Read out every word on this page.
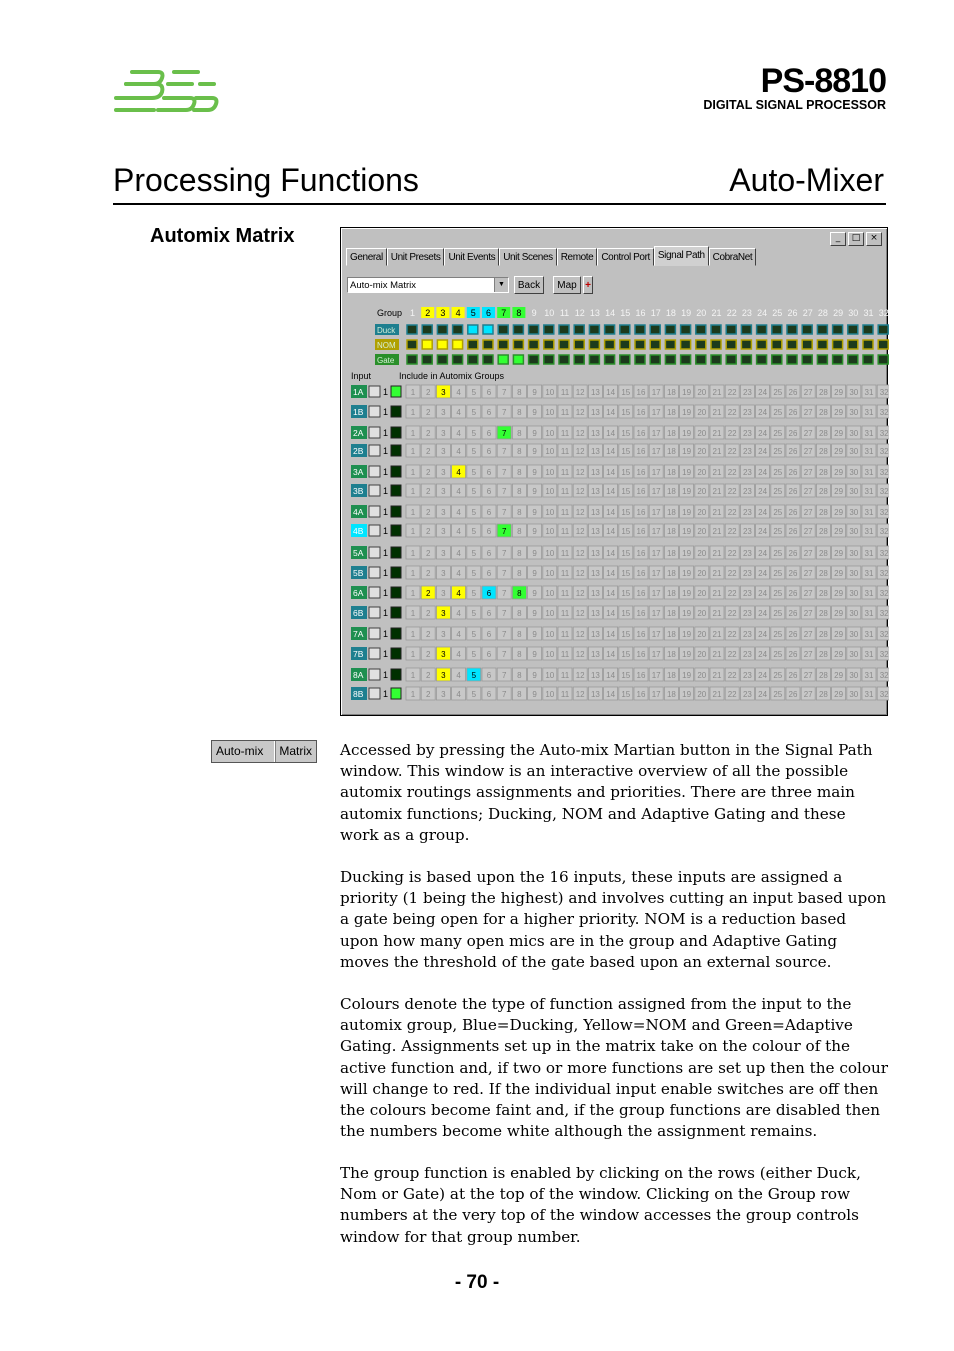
PS-8810
DIGITAL SIGNAL PROCESSOR
Processing Functions	Auto-Mixer
Automix Matrix	_	□	×
General Unit Presets Unit Events Unit Scenes Remote Control Port Signal Path CobraNet
Auto-mix Matrix	▼	Back	Map +
Group 1 2 3 4 5 6 7 8 9 10 11 12 13 14 15 16 17 18 19 20 21 22 23 24 25 26 27 28 29 30 31 32
Duck
NOM
Gate
Input	Include in Automix Groups
1A 1	1 2 3 4 5 6 7 8 9 10 11 12 13 14 15 16 17 18 19 20 21 22 23 24 25 26 27 28 29 30 31 32
1B 1	1 2 3 4 5 6 7 8 9 10 11 12 13 14 15 16 17 18 19 20 21 22 23 24 25 26 27 28 29 30 31 32
2A 1	1 2 3 4 5 6 7 8 9 10 11 12 13 14 15 16 17 18 19 20 21 22 23 24 25 26 27 28 29 30 31 32
2B 1	1 2 3 4 5 6 7 8 9 10 11 12 13 14 15 16 17 18 19 20 21 22 23 24 25 26 27 28 29 30 31 32
3A 1	1 2 3 4 5 6 7 8 9 10 11 12 13 14 15 16 17 18 19 20 21 22 23 24 25 26 27 28 29 30 31 32
3B 1	1 2 3 4 5 6 7 8 9 10 11 12 13 14 15 16 17 18 19 20 21 22 23 24 25 26 27 28 29 30 31 32
4A 1	1 2 3 4 5 6 7 8 9 10 11 12 13 14 15 16 17 18 19 20 21 22 23 24 25 26 27 28 29 30 31 32
4B 1	1 2 3 4 5 6 7 8 9 10 11 12 13 14 15 16 17 18 19 20 21 22 23 24 25 26 27 28 29 30 31 32
5A 1	1 2 3 4 5 6 7 8 9 10 11 12 13 14 15 16 17 18 19 20 21 22 23 24 25 26 27 28 29 30 31 32
5B 1	1 2 3 4 5 6 7 8 9 10 11 12 13 14 15 16 17 18 19 20 21 22 23 24 25 26 27 28 29 30 31 32
6A 1	1 2 3 4 5 6 7 8 9 10 11 12 13 14 15 16 17 18 19 20 21 22 23 24 25 26 27 28 29 30 31 32
6B 1	1 2 3 4 5 6 7 8 9 10 11 12 13 14 15 16 17 18 19 20 21 22 23 24 25 26 27 28 29 30 31 32
7A 1	1 2 3 4 5 6 7 8 9 10 11 12 13 14 15 16 17 18 19 20 21 22 23 24 25 26 27 28 29 30 31 32
7B 1	1 2 3 4 5 6 7 8 9 10 11 12 13 14 15 16 17 18 19 20 21 22 23 24 25 26 27 28 29 30 31 32
8A 1	1 2 3 4 5 6 7 8 9 10 11 12 13 14 15 16 17 18 19 20 21 22 23 24 25 26 27 28 29 30 31 32
8B 1	1 2 3 4 5 6 7 8 9 10 11 12 13 14 15 16 17 18 19 20 21 22 23 24 25 26 27 28 29 30 31 32
Auto-mix	Matrix Accessed by pressing the Auto-mix Martian button in the Signal Path window. This window is an interactive overview of all the possible automix routings assignments and priorities. There are three main automix functions; Ducking, NOM and Adaptive Gating and these work as a group.

Ducking is based upon the 16 inputs, these inputs are assigned a priority (1 being the highest) and involves cutting an input based upon a gate being open for a higher priority. NOM is a reduction based upon how many open mics are in the group and Adaptive Gating moves the threshold of the gate based upon an external source.

Colours denote the type of function assigned from the input to the automix group, Blue=Ducking, Yellow=NOM and Green=Adaptive Gating. Assignments set up in the matrix take on the colour of the active function and, if two or more functions are set up then the colour will change to red. If the individual input enable switches are off then the colours become faint and, if the group functions are disabled then the numbers become white although the assignment remains.

The group function is enabled by clicking on the rows (either Duck, Nom or Gate) at the top of the window. Clicking on the Group row numbers at the very top of the window accesses the group controls window for that group number.

- 70 -
